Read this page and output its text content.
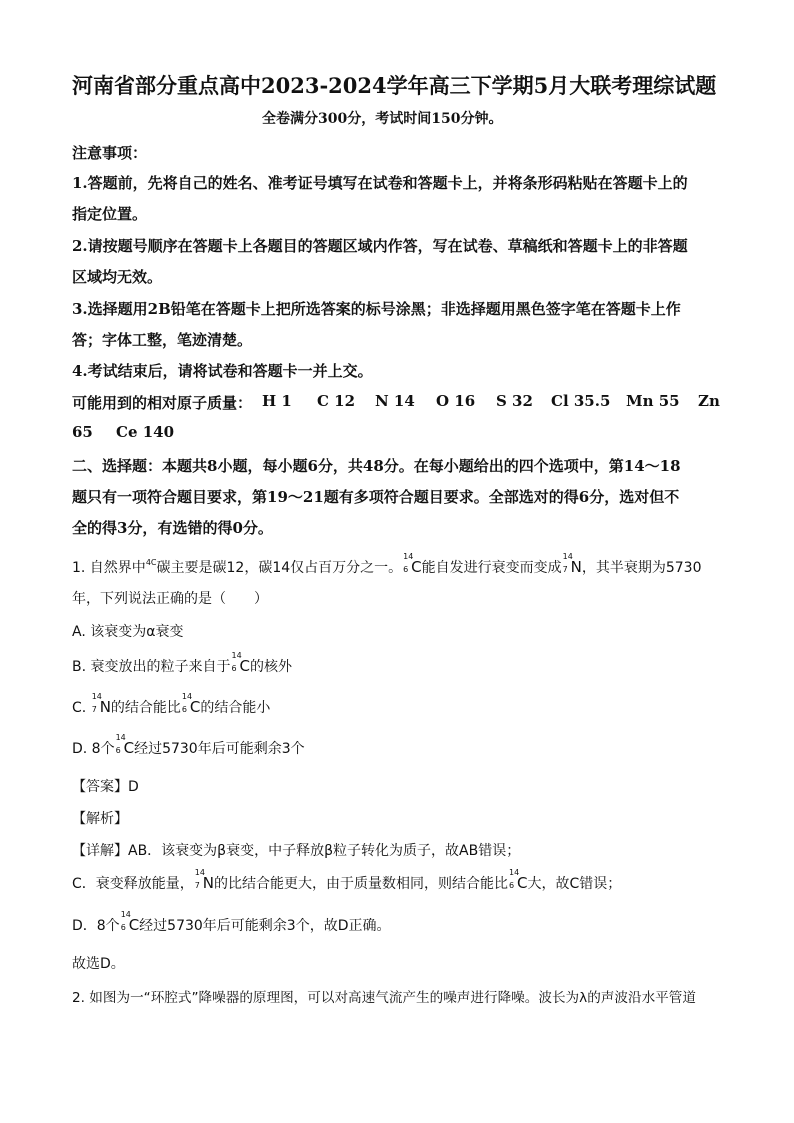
河南省部分重点高中2023-2024学年高三下学期5月大联考理综试题
全卷满分300分，考试时间150分钟。
注意事项：
1.答题前，先将自己的姓名、准考证号填写在试卷和答题卡上，并将条形码粘贴在答题卡上的
指定位置。
2.请按题号顺序在答题卡上各题目的答题区域内作答，写在试卷、草稿纸和答题卡上的非答题
区域均无效。
3.选择题用2B铅笔在答题卡上把所选答案的标号涂黑；非选择题用黑色签字笔在答题卡上作
答；字体工整，笔迹清楚。
4.考试结束后，请将试卷和答题卡一并上交。
可能用到的相对原子质量： H 1 C 12 N 14 O 16 S 32 Cl 35.5 Mn 55 Zn
65 Ce 140
二、选择题：本题共8小题，每小题6分，共48分。在每小题给出的四个选项中，第14～18
题只有一项符合题目要求，第19～21题有多项符合题目要求。全部选对的得6分，选对但不
全的得3分，有选错的得0分。
1. 自然界中$^{4C}$碳主要是碳12，碳14仅占百万分之一。
14
6 C能自发进行衰变而变成
14
7 N，其半衰期为5730
年，下列说法正确的是（　　）
A. 该衰变为α衰变
B. 衰变放出的粒子来自于
14
6 C的核外
C.
14
7 N的结合能比
14
6 C的结合能小
D. 8个
14
6 C经过5730年后可能剩余3个
【答案】D
【解析】
【详解】AB．该衰变为β衰变，中子释放β粒子转化为质子，故AB错误；
C．衰变释放能量，
14
7 N的比结合能更大，由于质量数相同，则结合能比
14
6 C大，故C错误；
D．8个
14
6 C经过5730年后可能剩余3个，故D正确。
故选D。
2. 如图为一“环腔式”降噪器的原理图，可以对高速气流产生的噪声进行降噪。波长为λ的声波沿水平管道
